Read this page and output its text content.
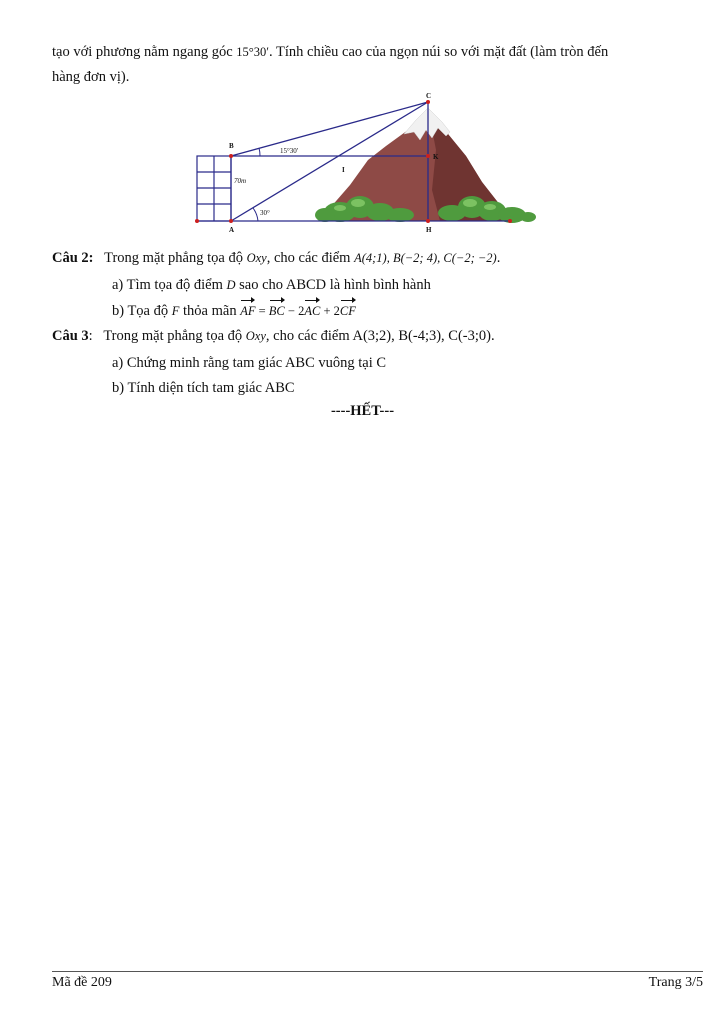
tạo với phương nằm ngang góc 15°30′. Tính chiều cao của ngọn núi so với mặt đất (làm tròn đến
hàng đơn vị).
C
B
K
I
A	H
15°30′
30°
70m
Câu 2: Trong mặt phẳng tọa độ Oxy, cho các điểm A(4;1), B(−2; 4), C(−2; −2).
a) Tìm tọa độ điểm D sao cho ABCD là hình bình hành
b) Tọa độ F thỏa mãn AF = BC − 2AC + 2CF
Câu 3: Trong mặt phẳng tọa độ Oxy, cho các điểm A(3;2), B(-4;3), C(-3;0).
a) Chứng minh rằng tam giác ABC vuông tại C
b) Tính diện tích tam giác ABC
----HẾT---
Mã đề 209	Trang 3/5
